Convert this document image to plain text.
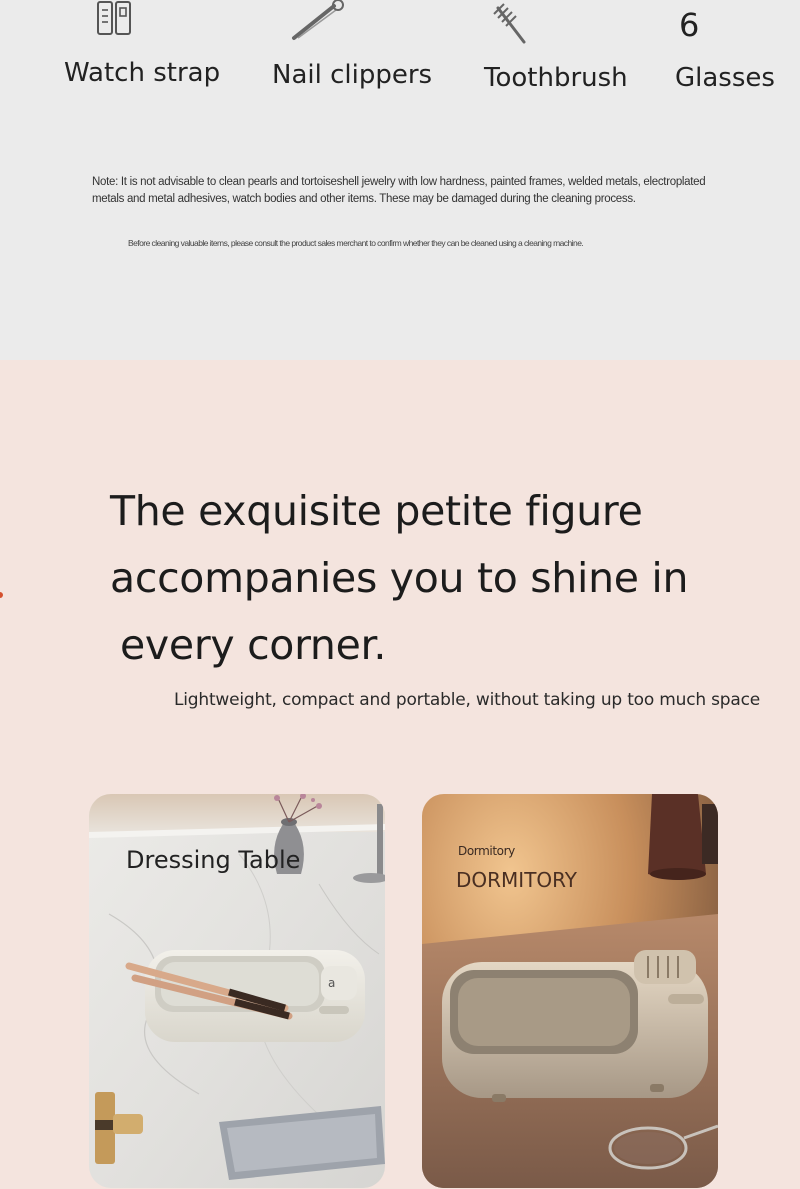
Watch strap Nail clippers Toothbrush
6
Glasses
Note: It is not advisable to clean pearls and tortoiseshell jewelry with low hardness, painted frames, welded metals, electroplated metals and metal adhesives, watch bodies and other items. These may be damaged during the cleaning process.
Before cleaning valuable items, please consult the product sales merchant to confirm whether they can be cleaned using a cleaning machine.
The exquisite petite figure
accompanies you to shine in
every corner.
Lightweight, compact and portable, without taking up too much space
Dressing Table
a
Dormitory
DORMITORY
